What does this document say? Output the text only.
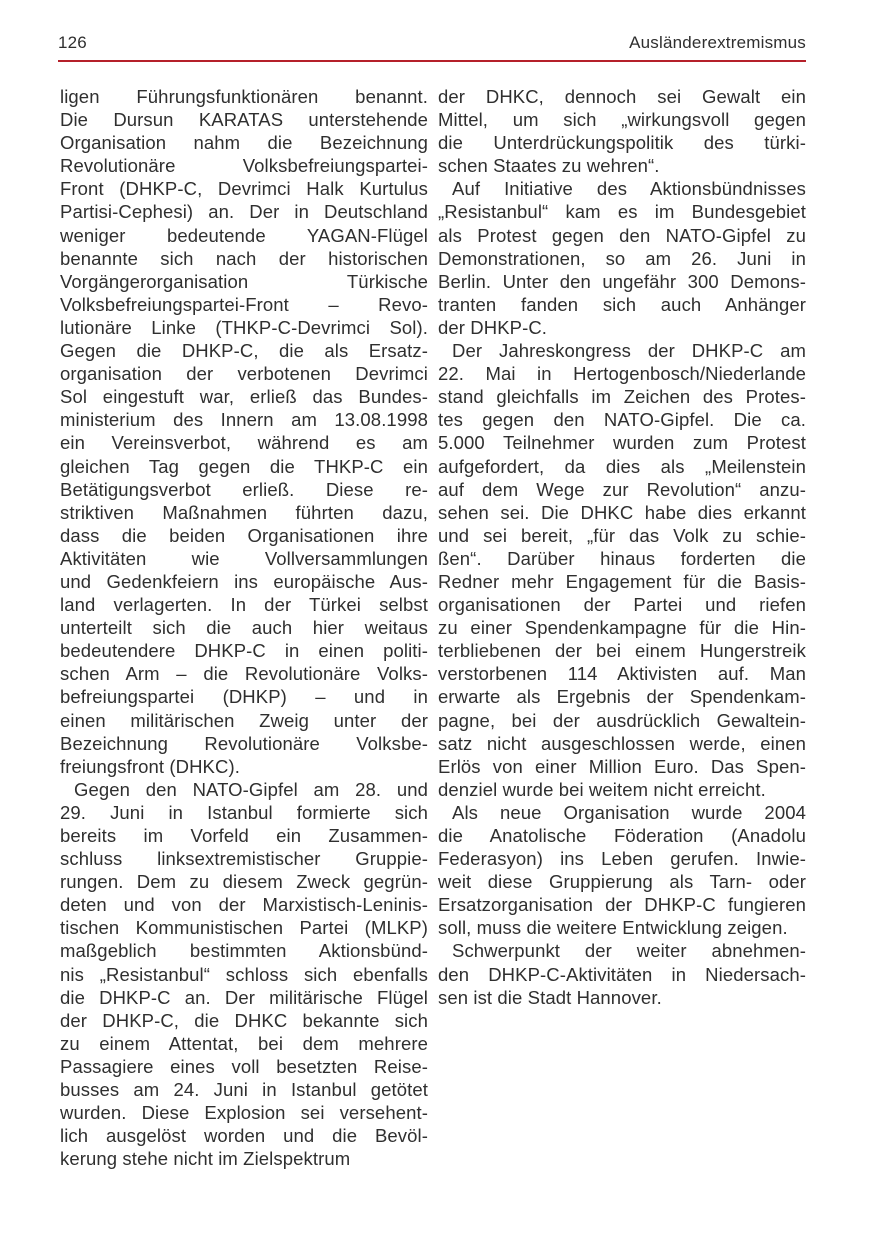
126	Ausländerextremismus
ligen Führungsfunktionären benannt.
Die Dursun KARATAS unterstehende
Organisation nahm die Bezeichnung
Revolutionäre Volksbefreiungspartei-
Front (DHKP-C, Devrimci Halk Kurtulus
Partisi-Cephesi) an. Der in Deutschland
weniger bedeutende YAGAN-Flügel
benannte sich nach der historischen
Vorgängerorganisation Türkische
Volksbefreiungspartei-Front – Revo-
lutionäre Linke (THKP-C-Devrimci Sol).
Gegen die DHKP-C, die als Ersatz-
organisation der verbotenen Devrimci
Sol eingestuft war, erließ das Bundes-
ministerium des Innern am 13.08.1998
ein Vereinsverbot, während es am
gleichen Tag gegen die THKP-C ein
Betätigungsverbot erließ. Diese re-
striktiven Maßnahmen führten dazu,
dass die beiden Organisationen ihre
Aktivitäten wie Vollversammlungen
und Gedenkfeiern ins europäische Aus-
land verlagerten. In der Türkei selbst
unterteilt sich die auch hier weitaus
bedeutendere DHKP-C in einen politi-
schen Arm – die Revolutionäre Volks-
befreiungspartei (DHKP) – und in
einen militärischen Zweig unter der
Bezeichnung Revolutionäre Volksbe-
freiungsfront (DHKC).
Gegen den NATO-Gipfel am 28. und
29. Juni in Istanbul formierte sich
bereits im Vorfeld ein Zusammen-
schluss linksextremistischer Gruppie-
rungen. Dem zu diesem Zweck gegrün-
deten und von der Marxistisch-Leninis-
tischen Kommunistischen Partei (MLKP)
maßgeblich bestimmten Aktionsbünd-
nis „Resistanbul“ schloss sich ebenfalls
die DHKP-C an. Der militärische Flügel
der DHKP-C, die DHKC bekannte sich
zu einem Attentat, bei dem mehrere
Passagiere eines voll besetzten Reise-
busses am 24. Juni in Istanbul getötet
wurden. Diese Explosion sei versehent-
lich ausgelöst worden und die Bevöl-
kerung stehe nicht im Zielspektrum
der DHKC, dennoch sei Gewalt ein
Mittel, um sich „wirkungsvoll gegen
die Unterdrückungspolitik des türki-
schen Staates zu wehren“.
Auf Initiative des Aktionsbündnisses
„Resistanbul“ kam es im Bundesgebiet
als Protest gegen den NATO-Gipfel zu
Demonstrationen, so am 26. Juni in
Berlin. Unter den ungefähr 300 Demons-
tranten fanden sich auch Anhänger
der DHKP-C.
Der Jahreskongress der DHKP-C am
22. Mai in Hertogenbosch/Niederlande
stand gleichfalls im Zeichen des Protes-
tes gegen den NATO-Gipfel. Die ca.
5.000 Teilnehmer wurden zum Protest
aufgefordert, da dies als „Meilenstein
auf dem Wege zur Revolution“ anzu-
sehen sei. Die DHKC habe dies erkannt
und sei bereit, „für das Volk zu schie-
ßen“. Darüber hinaus forderten die
Redner mehr Engagement für die Basis-
organisationen der Partei und riefen
zu einer Spendenkampagne für die Hin-
terbliebenen der bei einem Hungerstreik
verstorbenen 114 Aktivisten auf. Man
erwarte als Ergebnis der Spendenkam-
pagne, bei der ausdrücklich Gewaltein-
satz nicht ausgeschlossen werde, einen
Erlös von einer Million Euro. Das Spen-
denziel wurde bei weitem nicht erreicht.
Als neue Organisation wurde 2004
die Anatolische Föderation (Anadolu
Federasyon) ins Leben gerufen. Inwie-
weit diese Gruppierung als Tarn- oder
Ersatzorganisation der DHKP-C fungieren
soll, muss die weitere Entwicklung zeigen.
Schwerpunkt der weiter abnehmen-
den DHKP-C-Aktivitäten in Niedersach-
sen ist die Stadt Hannover.
